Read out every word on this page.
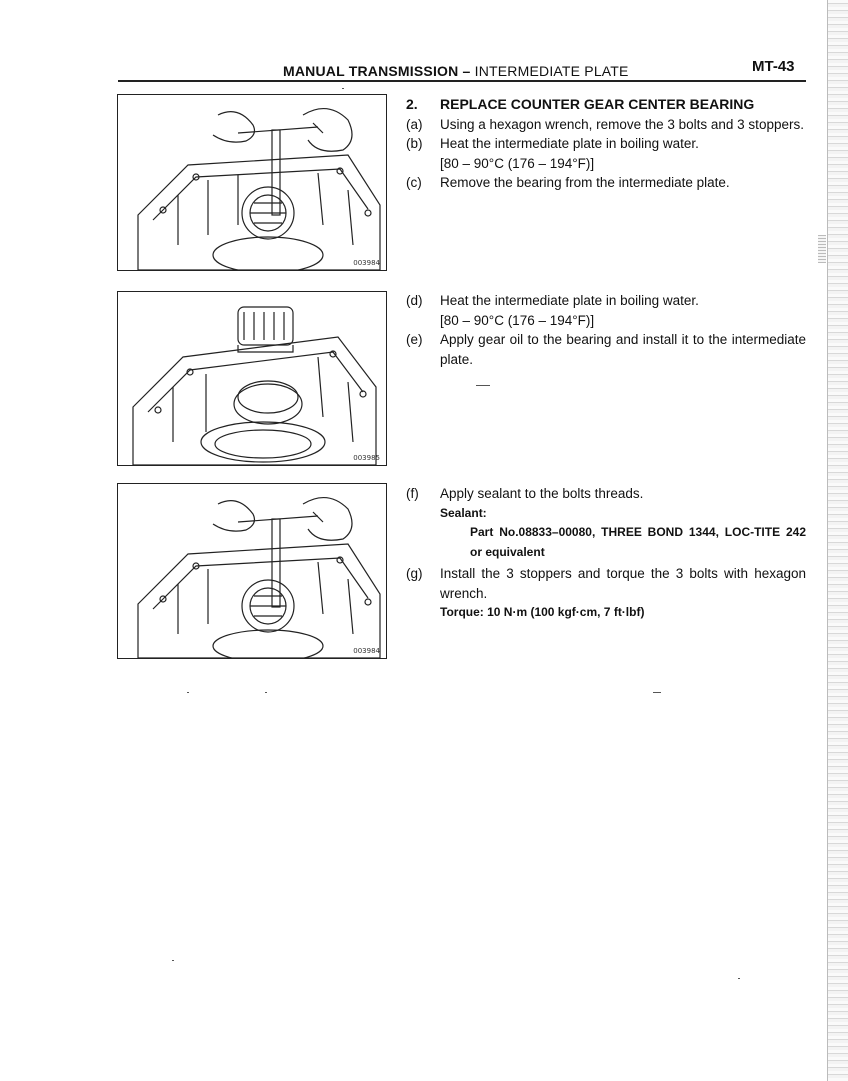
MANUAL TRANSMISSION – INTERMEDIATE PLATE	MT-43
003984
003985
003984
2. REPLACE COUNTER GEAR CENTER BEARING
(a) Using a hexagon wrench, remove the 3 bolts and 3 stoppers.
(b) Heat the intermediate plate in boiling water.
[80 – 90°C (176 – 194°F)]
(c) Remove the bearing from the intermediate plate.
(d) Heat the intermediate plate in boiling water.
[80 – 90°C (176 – 194°F)]
(e) Apply gear oil to the bearing and install it to the intermediate plate.
(f) Apply sealant to the bolts threads.
Sealant:
Part No.08833–00080, THREE BOND 1344, LOC-TITE 242 or equivalent
(g) Install the 3 stoppers and torque the 3 bolts with hexagon wrench.
Torque: 10 N·m (100 kgf·cm, 7 ft·lbf)
